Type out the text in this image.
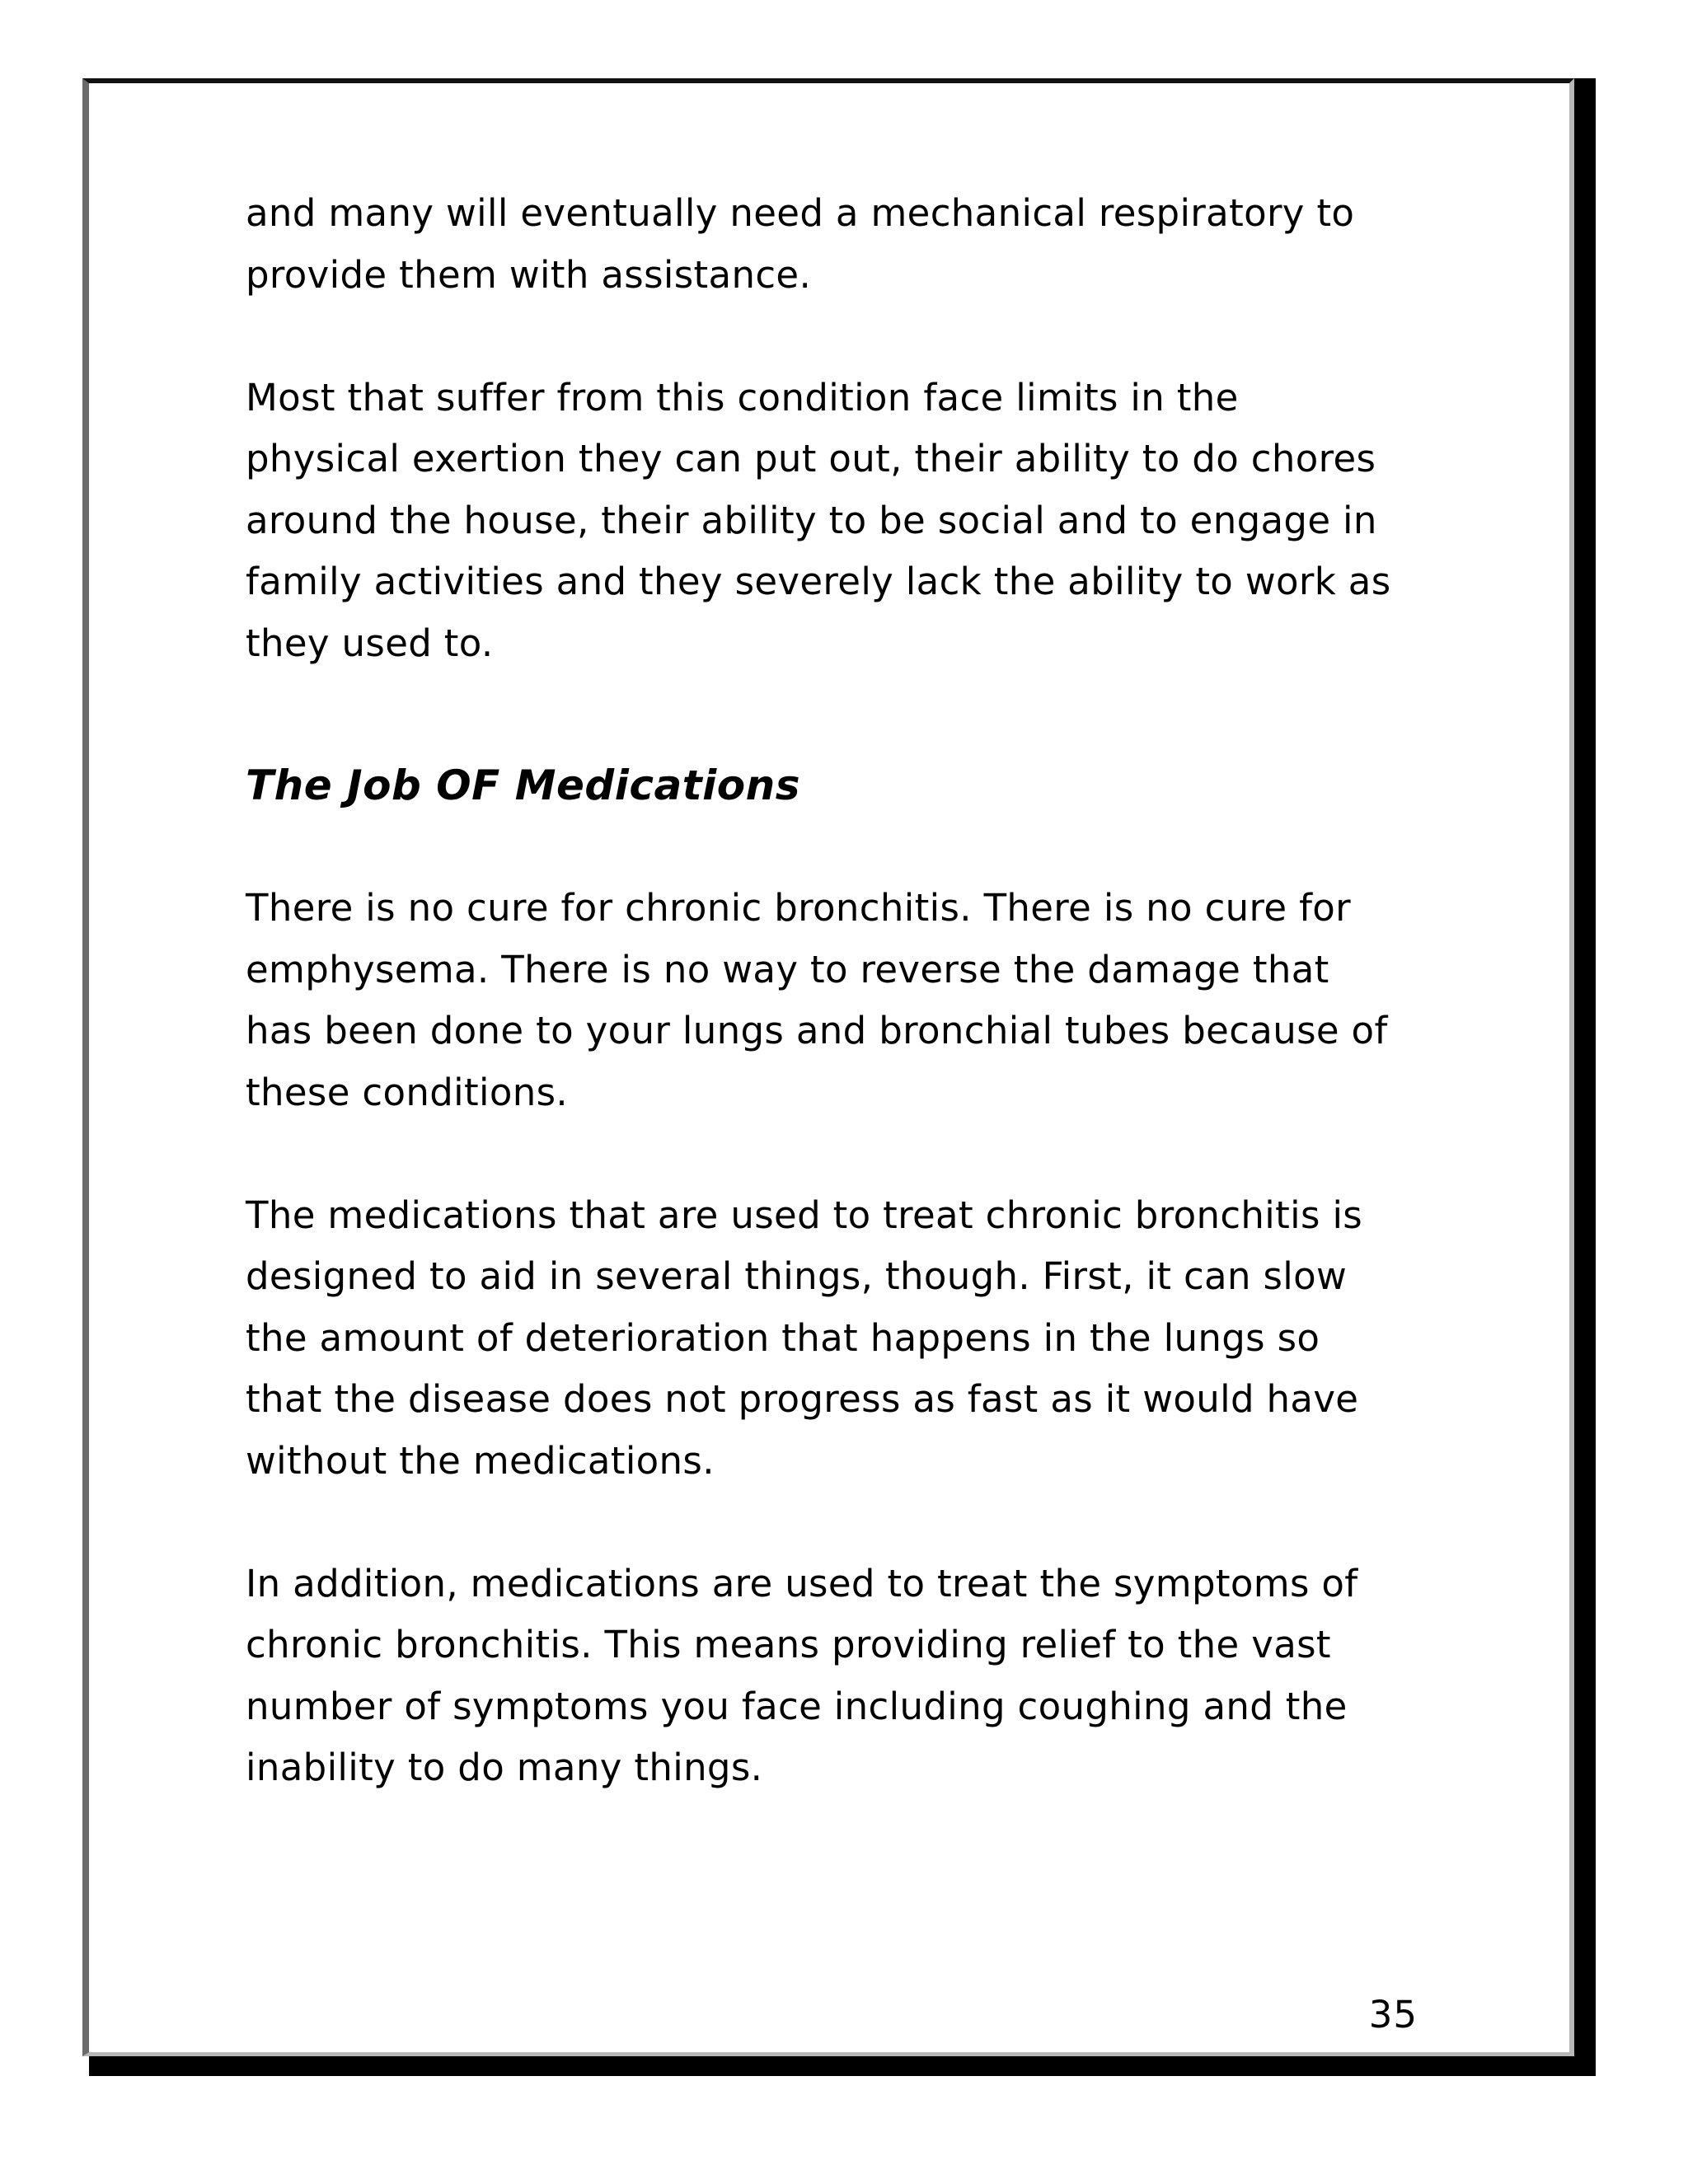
and many will eventually need a mechanical respiratory to
provide them with assistance.

Most that suffer from this condition face limits in the
physical exertion they can put out, their ability to do chores
around the house, their ability to be social and to engage in
family activities and they severely lack the ability to work as
they used to.

The Job OF Medications

There is no cure for chronic bronchitis. There is no cure for
emphysema. There is no way to reverse the damage that
has been done to your lungs and bronchial tubes because of
these conditions.

The medications that are used to treat chronic bronchitis is
designed to aid in several things, though. First, it can slow
the amount of deterioration that happens in the lungs so
that the disease does not progress as fast as it would have
without the medications.

In addition, medications are used to treat the symptoms of
chronic bronchitis. This means providing relief to the vast
number of symptoms you face including coughing and the
inability to do many things.

35
